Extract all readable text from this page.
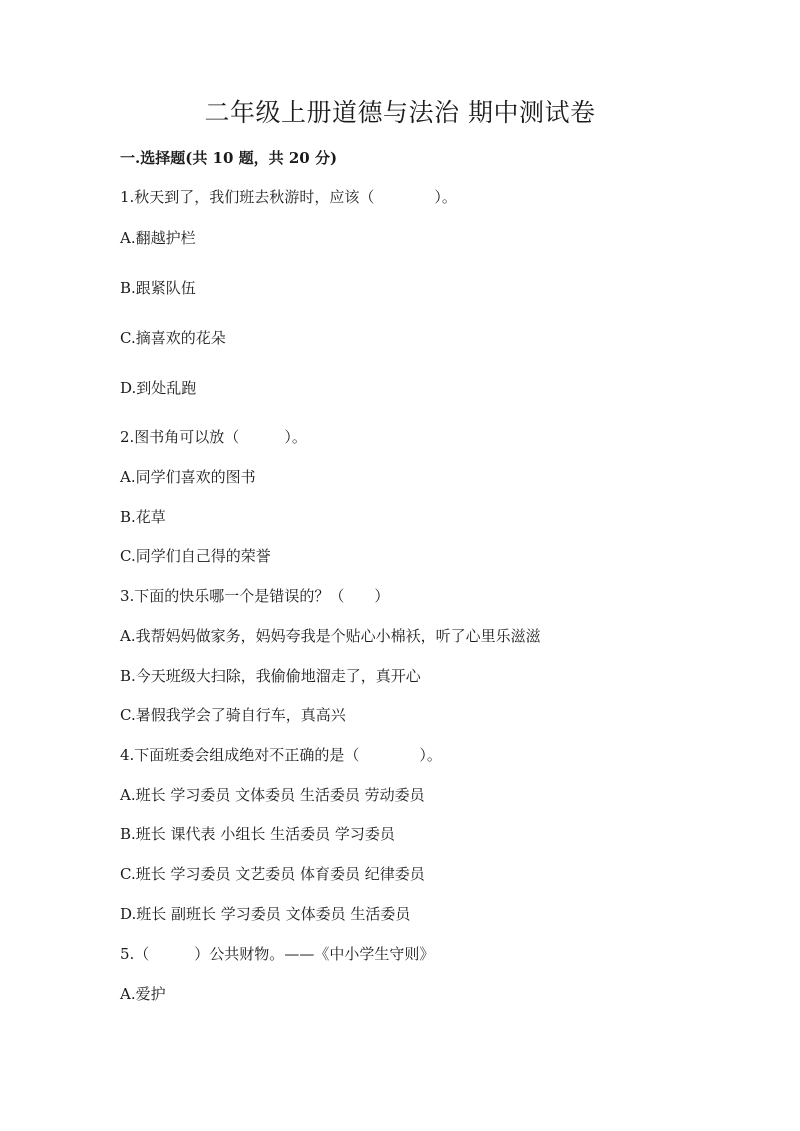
二年级上册道德与法治 期中测试卷
一.选择题(共 10 题，共 20 分)
1.秋天到了，我们班去秋游时，应该（　　　　）。
A.翻越护栏
B.跟紧队伍
C.摘喜欢的花朵
D.到处乱跑
2.图书角可以放（　　　）。
A.同学们喜欢的图书
B.花草
C.同学们自己得的荣誉
3.下面的快乐哪一个是错误的？（　　）
A.我帮妈妈做家务，妈妈夸我是个贴心小棉袄，听了心里乐滋滋
B.今天班级大扫除，我偷偷地溜走了，真开心
C.暑假我学会了骑自行车，真高兴
4.下面班委会组成绝对不正确的是（　　　　）。
A.班长 学习委员 文体委员 生活委员 劳动委员
B.班长 课代表 小组长 生活委员 学习委员
C.班长 学习委员 文艺委员 体育委员 纪律委员
D.班长 副班长 学习委员 文体委员 生活委员
5.（　　　）公共财物。——《中小学生守则》
A.爱护
